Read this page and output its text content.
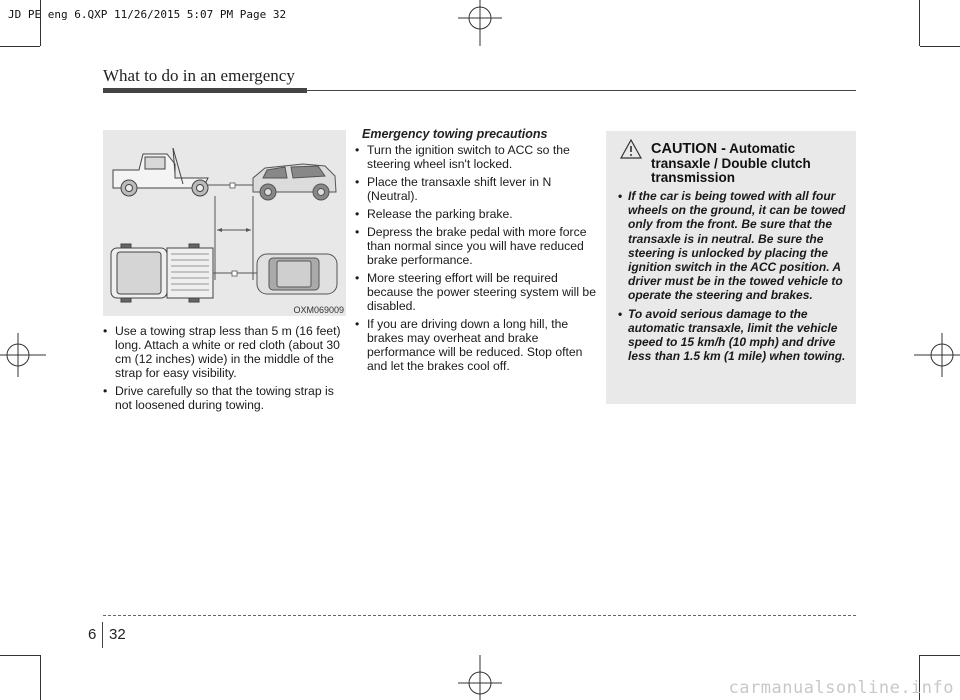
JD PE eng 6.QXP 11/26/2015 5:07 PM Page 32
What to do in an emergency
OXM069009
• Use a towing strap less than 5 m (16 feet) long. Attach a white or red cloth (about 30 cm (12 inches) wide) in the middle of the strap for easy visibility.
• Drive carefully so that the towing strap is not loosened during towing.
Emergency towing precautions
• Turn the ignition switch to ACC so the steering wheel isn't locked.
• Place the transaxle shift lever in N (Neutral).
• Release the parking brake.
• Depress the brake pedal with more force than normal since you will have reduced brake performance.
• More steering effort will be required because the power steering system will be disabled.
• If you are driving down a long hill, the brakes may overheat and brake performance will be reduced. Stop often and let the brakes cool off.
CAUTION - Automatic transaxle / Double clutch transmission
• If the car is being towed with all four wheels on the ground, it can be towed only from the front. Be sure that the transaxle is in neutral. Be sure the steering is unlocked by placing the ignition switch in the ACC position. A driver must be in the towed vehicle to operate the steering and brakes.
• To avoid serious damage to the automatic transaxle, limit the vehicle speed to 15 km/h (10 mph) and drive less than 1.5 km (1 mile) when towing.
6 32
carmanualsonline.info
